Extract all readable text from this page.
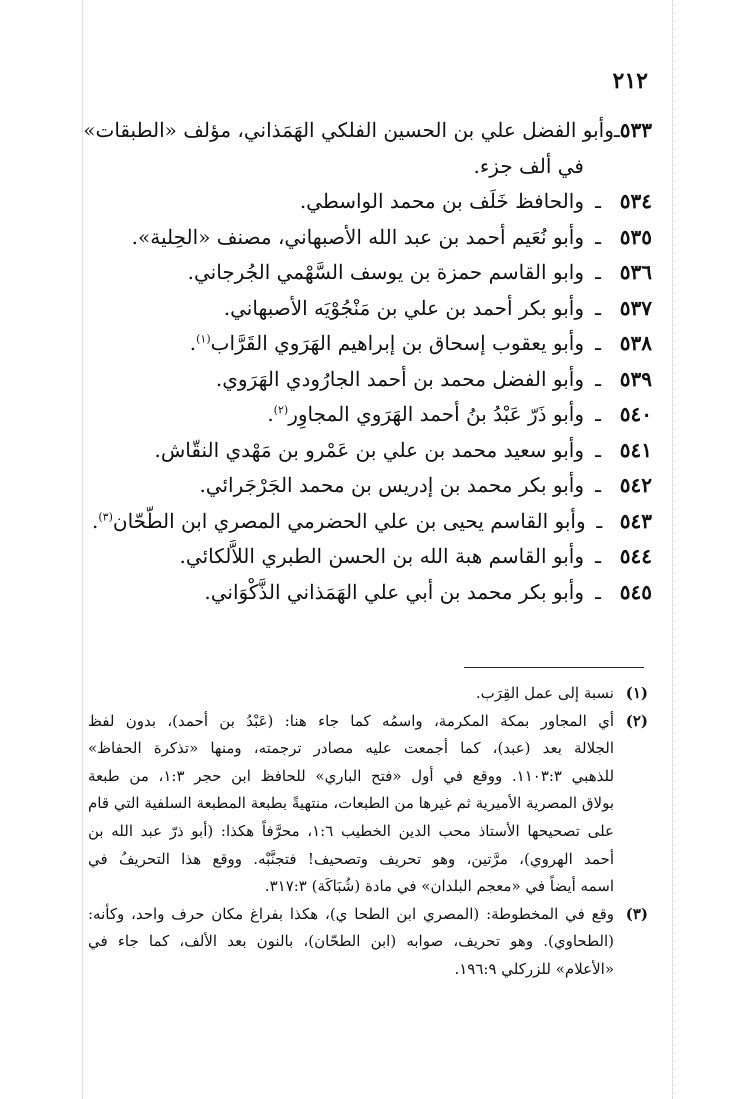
٢١٢
٥٣٣
ـ
وأبو الفضل علي بن الحسين الفلكي الهَمَذاني، مؤلف «الطبقات»
في ألف جزء.
٥٣٤
ـ
والحافظ خَلَف بن محمد الواسطي.
٥٣٥
ـ
وأبو نُعَيم أحمد بن عبد الله الأصبهاني، مصنف «الحِلية».
٥٣٦
ـ
وابو القاسم حمزة بن يوسف السَّهْمي الجُرجاني.
٥٣٧
ـ
وأبو بكر أحمد بن علي بن مَنْجُوْيَه الأصبهاني.
٥٣٨
ـ
وأبو يعقوب إسحاق بن إبراهيم الهَرَوي القَرَّاب$^{(١)}$.
٥٣٩
ـ
وأبو الفضل محمد بن أحمد الجارُودي الهَرَوي.
٥٤٠
ـ
وأبو ذَرّ عَبْدُ بنُ أحمد الهَرَوي المجاوِر$^{(٢)}$.
٥٤١
ـ
وأبو سعيد محمد بن علي بن عَمْرو بن مَهْدي النقّاش.
٥٤٢
ـ
وأبو بكر محمد بن إدريس بن محمد الجَرْجَرائي.
٥٤٣
ـ
وأبو القاسم يحيى بن علي الحضرمي المصري ابن الطّحّان$^{(٣)}$.
٥٤٤
ـ
وأبو القاسم هبة الله بن الحسن الطبري اللاَّلكائي.
٥٤٥
ـ
وأبو بكر محمد بن أبي علي الهَمَذاني الذَّكْوَاني.
(١)
نسبة إلى عمل القِرَب.
(٢)
أي المجاور بمكة المكرمة، واسمُه كما جاء هنا: (عَبْدُ بن أحمد)، بدون لفظ
الجلالة بعد (عبد)، كما أجمعت عليه مصادر ترجمته، ومنها «تذكرة الحفاظ»
للذهبي ١١٠٣:٣. ووقع في أول «فتح الباري» للحافظ ابن حجر ١:٣، من طبعة
بولاق المصرية الأميرية ثم غيرها من الطبعات، منتهيةً بطبعة المطبعة السلفية التي قام
على تصحيحها الأستاذ محب الدين الخطيب ١:٦، محرَّفاً هكذا: (أبو ذرّ عبد الله بن
أحمد الهروي)، مرَّتين، وهو تحريف وتصحيف! فتجنَّبْه. ووقع هذا التحريفُ في
اسمه أيضاً في «معجم البلدان» في مادة (شُبَاكَة) ٣١٧:٣.
(٣)
وقع في المخطوطة: (المصري ابن الطحا ي)، هكذا بفراغ مكان حرف واحد، وكأنه:
(الطحاوي). وهو تحريف، صوابه (ابن الطحّان)، بالنون بعد الألف، كما جاء في
«الأعلام» للزركلي ١٩٦:٩.
